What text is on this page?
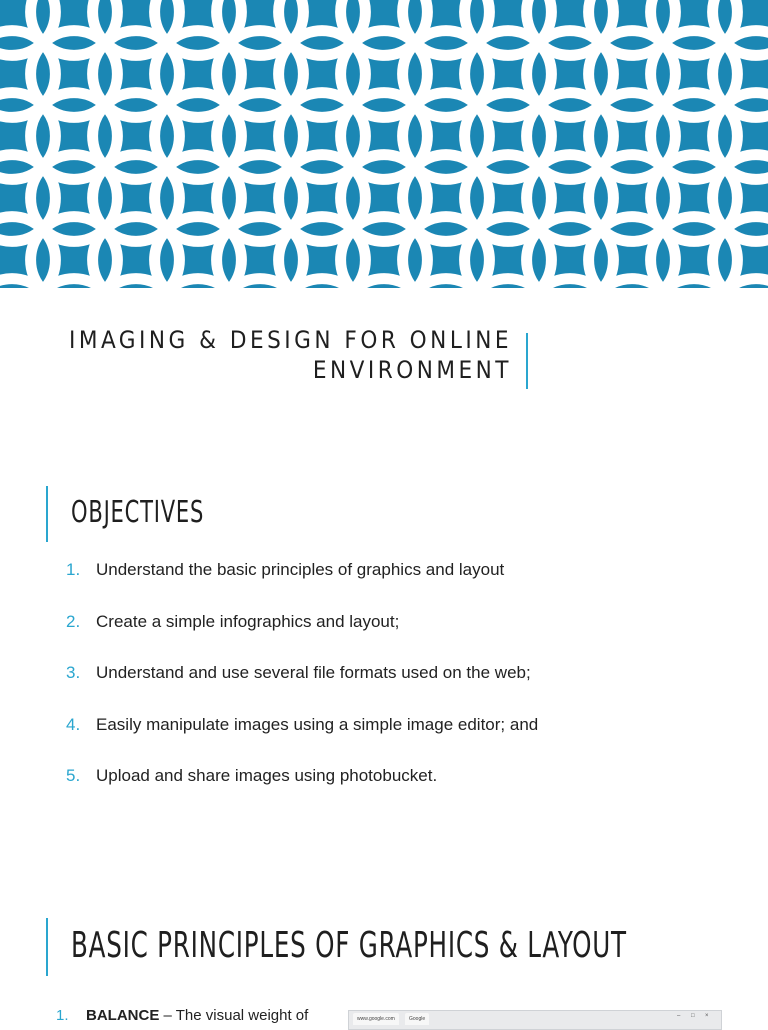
IMAGING & DESIGN FOR ONLINE
ENVIRONMENT
OBJECTIVES
1. Understand the basic principles of graphics and layout
2. Create a simple infographics and layout;
3. Understand and use several file formats used on the web;
4. Easily manipulate images using a simple image editor; and
5. Upload and share images using photobucket.
BASIC PRINCIPLES OF GRAPHICS & LAYOUT
1. BALANCE – The visual weight of	www.google.com	Google	– □ ×
